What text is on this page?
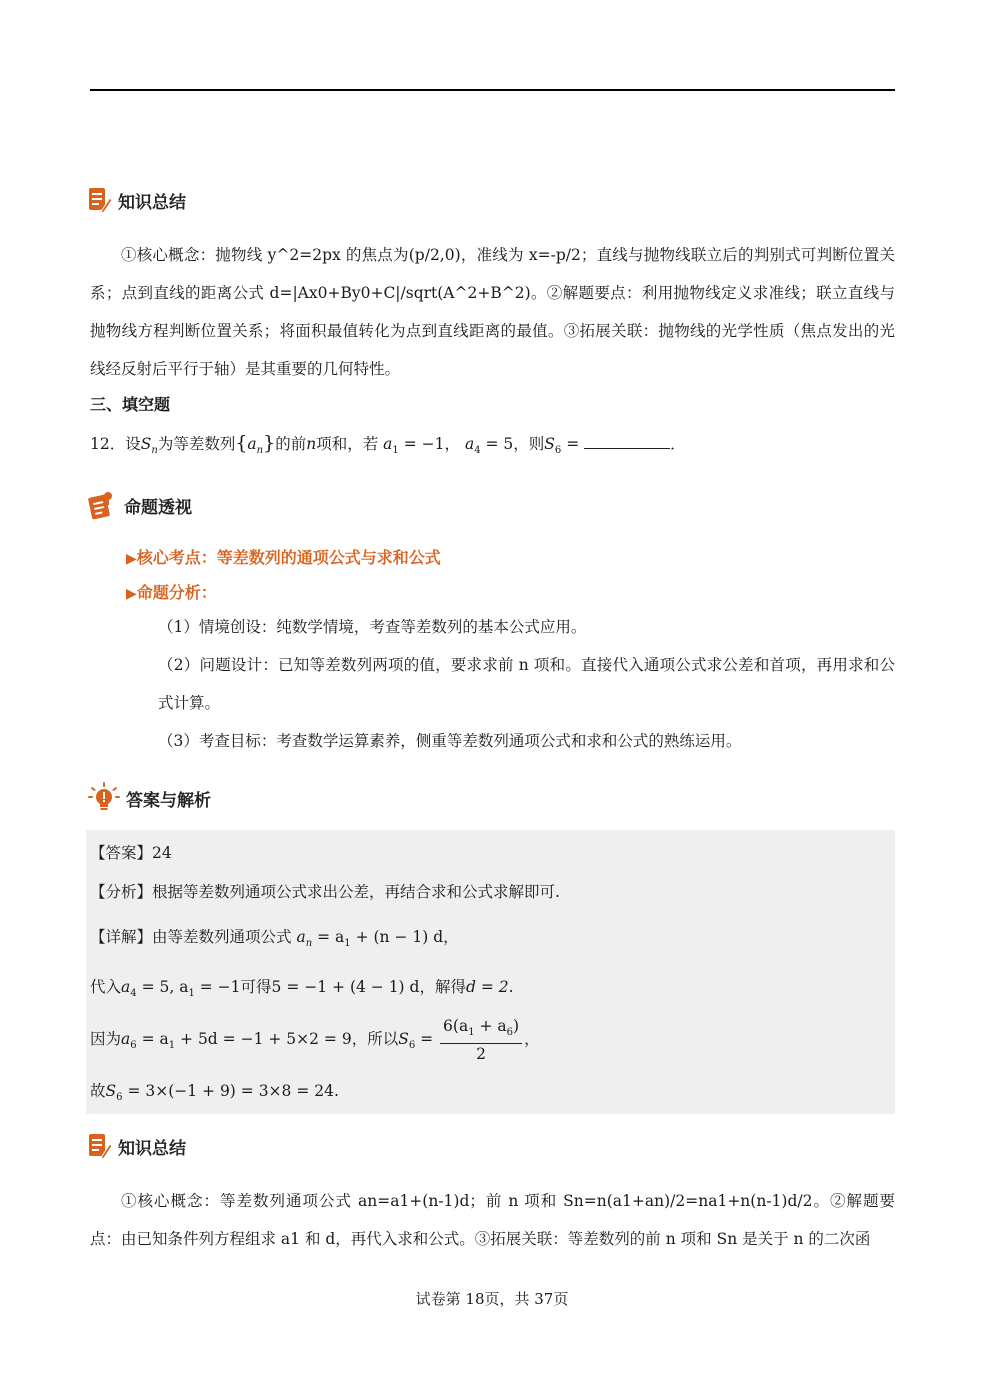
知识总结
①核心概念：抛物线 y^2=2px 的焦点为(p/2,0)，准线为 x=-p/2；直线与抛物线联立后的判别式可判断位置关系；点到直线的距离公式 d=|Ax0+By0+C|/sqrt(A^2+B^2)。②解题要点：利用抛物线定义求准线；联立直线与抛物线方程判断位置关系；将面积最值转化为点到直线距离的最值。③拓展关联：抛物线的光学性质（焦点发出的光线经反射后平行于轴）是其重要的几何特性。
三、填空题
12．设$S_n$为等差数列$\{a_n\}$的前n项和，若 $a_1 = -1$， $a_4 = 5$，则$S_6$ =	．
命题透视
▶核心考点：等差数列的通项公式与求和公式
▶命题分析：
（1）情境创设：纯数学情境，考查等差数列的基本公式应用。
（2）问题设计：已知等差数列两项的值，要求求前 n 项和。直接代入通项公式求公差和首项，再用求和公式计算。
（3）考查目标：考查数学运算素养，侧重等差数列通项公式和求和公式的熟练运用。
答案与解析
【答案】24
【分析】根据等差数列通项公式求出公差，再结合求和公式求解即可.
【详解】由等差数列通项公式 $a_n = a_1 + (n - 1)$ d，
代入$a_4 = 5$, $a_1 = -1$可得5 = −1 + (4 − 1) d，解得d = 2.
因为$a_6 = a_1 + 5d = -1 + 5\times 2 = 9$，所以$S_6 = \frac{6(a_1 + a_6)}{2}$ ，
故$S_6 = 3\times(-1 + 9) = 3\times 8 = 24$.
知识总结
①核心概念：等差数列通项公式 an=a1+(n-1)d；前 n 项和 Sn=n(a1+an)/2=na1+n(n-1)d/2。②解题要点：由已知条件列方程组求 a1 和 d，再代入求和公式。③拓展关联：等差数列的前 n 项和 Sn 是关于 n 的二次函
试卷第 18页，共 37页
